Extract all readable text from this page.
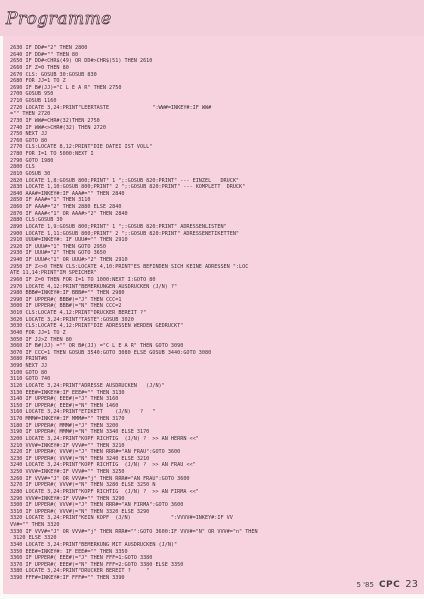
Programme
2630 IF DD#="2" THEN 2800
2640 IF DD#="" THEN 80
2650 IF DD#<CHR$(49) OR DD#>CHR$(51) THEN 2610
2660 IF Z=0 THEN 80
2670 CLS: GOSUB 30:GOSUB 830
2680 FOR JJ=1 TO Z
2690 IF B#(JJ)="C L E A R" THEN 2750
2700 GOSUB 950
2710 GOSUB 1160
2720 LOCATE 3,24:PRINT"LEERTASTE              ":WW#=INKEY#:IF WW#
="" THEN 2720
2730 IF WW#=CHR#(32)THEN 2750
2740 IF WW#<>CHR#(32) THEN 2720
2750 NEXT JJ
2760 GOTO 80
2770 CLS:LOCATE 8,12:PRINT"DIE DATEI IST VOLL"
2780 FOR I=1 TO 5000:NEXT I
2790 GOTO 1980
2800 CLS
2810 GOSUB 30
2820 LOCATE 1,8:GOSUB 800;PRINT" 1 ";:GOSUB 820:PRINT" --- EINZEL   DRUCK"
2830 LOCATE 1,10:GOSUB 800;PRINT" 2 ";:GOSUB 820:PRINT" --- KOMPLETT  DRUCK"
2840 AAA#=INKEY#:IF AAA#="" THEN 2840
2850 IF AAA#="1" THEN 3110
2860 IF AAA#="2" THEN 2880 ELSE 2840
2870 IF AAA#<"1" OR AAA#>"2" THEN 2840
2880 CLS:GOSUB 30
2890 LOCATE 1,9:GOSUB 800;PRINT" 1 ";:GOSUB 820:PRINT" ADRESSENLISTEN"
2900 LOCATE 1,11:GOSUB 800;PRINT" 2 ";:GOSUB 820:PRINT" ADRESSENETIKETTEN"
2910 UUU#=INKEY#: IF UUU#="" THEN 2910
2920 IF UUU#="1" THEN GOTO 2950
2930 IF UUU#="2" THEN GOTO 3650
2940 IF UUU#<"1" OR UUU#>"2" THEN 2910
2950 IF Z<>0 THEN CLS:LOCATE 4,10:PRINT"ES BEFINDEN SICH KEINE ADRESSEN ":LOC
ATE 11,14:PRINT"IM SPEICHER"
2960 IF Z=0 THEN FOR I=1 TO 1000:NEXT I:GOTO 80
2970 LOCATE 4,12:PRINT"BEMERKUNGEN AUSDRUCKEN (J/N) ?"
2980 BBB#=INKEY#:IF BBB#="" THEN 2980
2990 IF UPPER#( BBB#)="J" THEN CCC=1
3000 IF UPPER#( BBB#)="N" THEN CCC=2
3010 CLS:LOCATE 4,12:PRINT"DRUCKER BEREIT ?"
3020 LOCATE 3,24:PRINT"TASTE":GOSUB 3020
3030 CLS:LOCATE 4,12:PRINT"DIE ADRESSEN WERDEN GEDRUCKT"
3040 FOR JJ=1 TO Z
3050 IF JJ>Z THEN 80
3060 IF B#(JJ) ="" OR B#(JJ) ="C L E A R" THEN GOTO 3090
3070 IF CCC=1 THEN GOSUB 3540:GOTO 3080 ELSE GOSUB 3440:GOTO 3080
3080 PRINT#8
3090 NEXT JJ
3100 GOTO 80
3110 GOTO 740
3120 LOCATE 3,24:PRINT"ADRESSE AUSDRUCKEN   (J/N)"
3130 EEE#=INKEY#:IF EEE#="" THEN 3130
3140 IF UPPER#( EEE#)="J" THEN 3160
3150 IF UPPER#( EEE#)="N" THEN 1460
3160 LOCATE 3,24:PRINT"ETIKETT    (J/N)   ?   "
3170 MMM#=INKEY#:IF MMM#="" THEN 3170
3180 IF UPPER#( MMM#)="J" THEN 3200
3190 IF UPPER#( MMM#)="N" THEN 3340 ELSE 3170
3200 LOCATE 3,24:PRINT"KOPF RICHTIG  (J/N) ?  >> AN HERRN <<"
3210 VVV#=INKEY#:IF VVV#="" THEN 3210
3220 IF UPPER#( VVV#)="J" THEN RRR#="AN FRAU":GOTO 3600
3230 IF UPPER#( VVV#)="N" THEN 3240 ELSE 3210
3240 LOCATE 3,24:PRINT"KOPF RICHTIG  (J/N) ?  >> AN FRAU <<"
3250 VVV#=INKEY#:IF VVV#="" THEN 3250
3260 IF VVV#="J" OR VVV#="j" THEN RRR#="AN FRAU":GOTO 3600
3270 IF UPPER#( VVV#)="N" THEN 3280 ELSE 3250 N
3280 LOCATE 3,24:PRINT"KOPF RICHTIG  (J/N) ?  >> AN FIRMA <<"
3290 VVV#=INKEY#:IF VVV#="" THEN 3290
3300 IF UPPER#( VVV#)="J" THEN RRR#="AN FIRMA":GOTO 3600
3310 IF UPPER#( VVV#)="N" THEN 3320 ELSE 3290
3320 LOCATE 3,24:PRINT"KEIN KOPF  (J/N)             ":VVVV#=INKEY#:IF VV
VV#="" THEN 3320
3330 IF VVV#="J" OR VVV#="j" THEN RRR#="":GOTO 3600:IF VVV#="N" OR VVV#="n" THEN
3120 ELSE 3320
3340 LOCATE 3,24:PRINT"BEMERKUNG MIT AUSDRUCKEN (J/N)"
3350 EEE#=INKEY#: IF EEE#="" THEN 3350
3360 IF UPPER#( EEE#)="J" THEN FFF=1:GOTO 3380
3370 IF UPPER#( EEE#)="N" THEN FFF=2:GOTO 3380 ELSE 3350
3380 LOCATE 3,24:PRINT"DRUCKER BEREIT ?     "
3390 FFF#=INKEY#:IF FFF#="" THEN 3390
5 '85 CPC 23
